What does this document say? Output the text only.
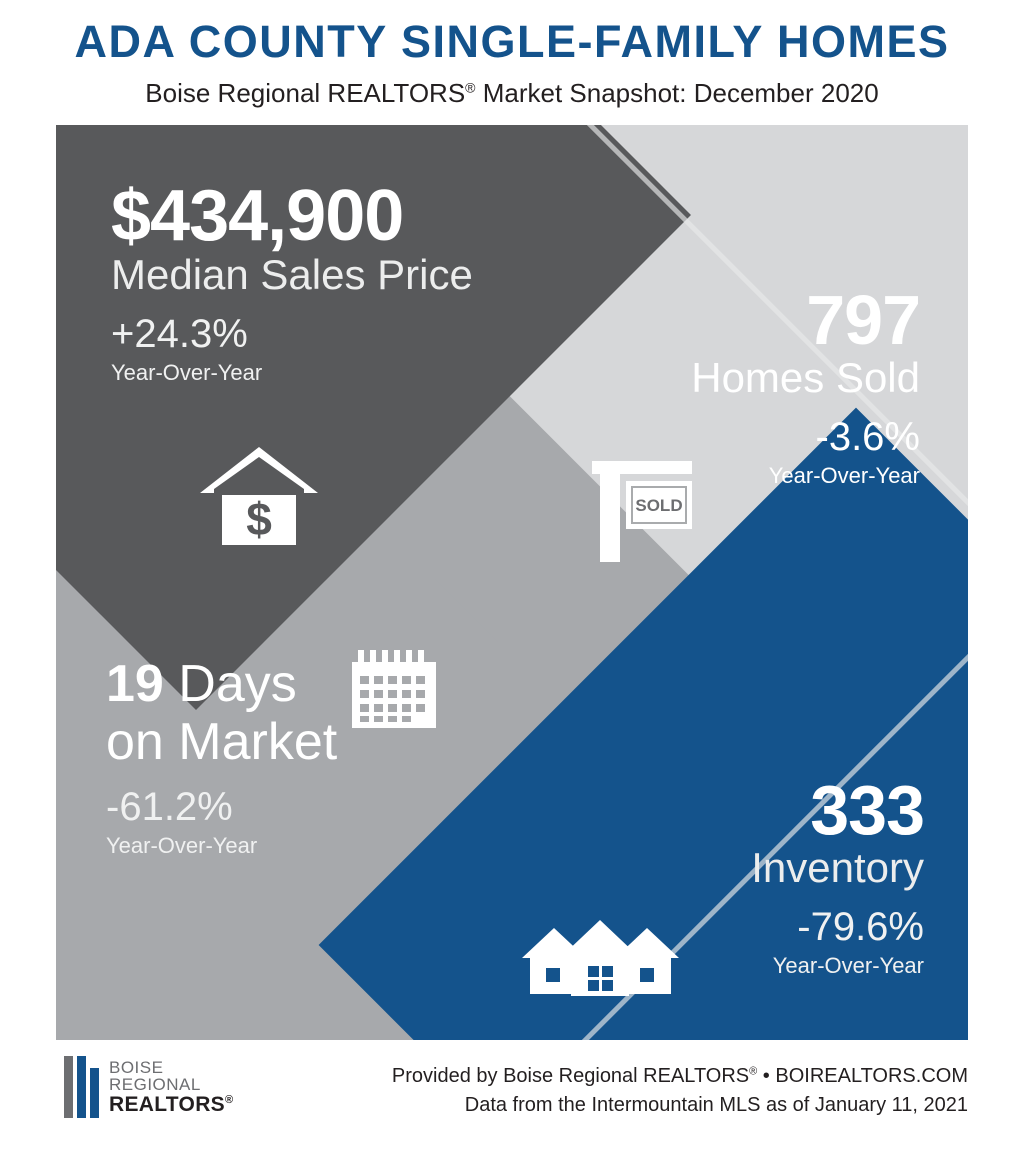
ADA COUNTY SINGLE-FAMILY HOMES
Boise Regional REALTORS® Market Snapshot: December 2020
$434,900
Median Sales Price
+24.3%
Year-Over-Year
$
797
Homes Sold
-3.6%
Year-Over-Year
SOLD
19 Days
on Market
-61.2%
Year-Over-Year	333
Inventory
-79.6%
Year-Over-Year
BOISE
REGIONAL
REALTORS®
Provided by Boise Regional REALTORS® • BOIREALTORS.COM
Data from the Intermountain MLS as of January 11, 2021
